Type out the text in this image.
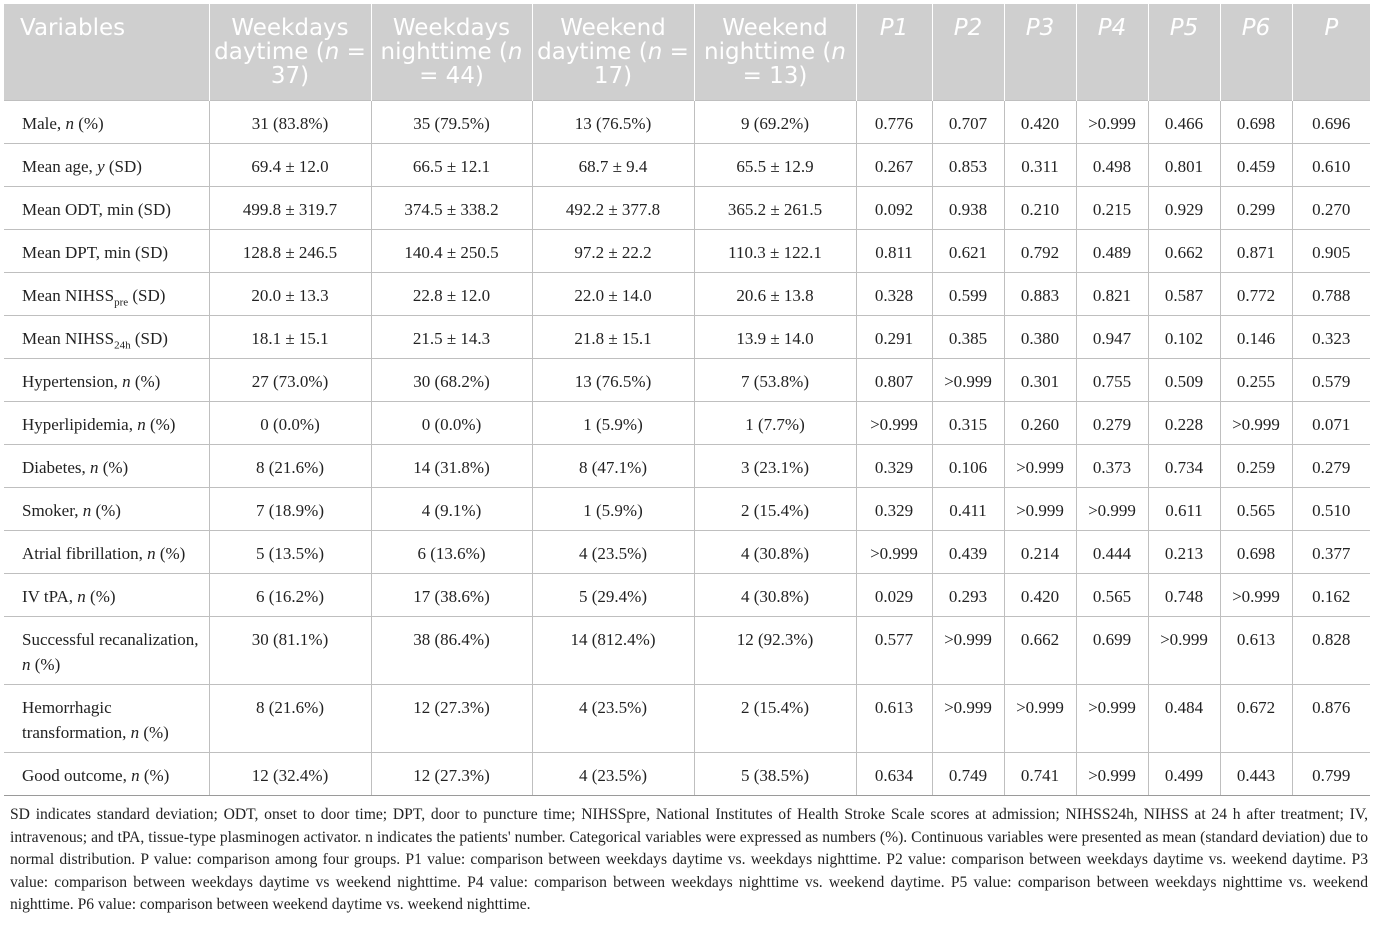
Variables	Weekdays daytime (n = 37)	Weekdays nighttime (n = 44)	Weekend daytime (n = 17)	Weekend nighttime (n = 13)	P1	P2	P3	P4	P5	P6	P
Male, n (%)	31 (83.8%)	35 (79.5%)	13 (76.5%)	9 (69.2%)	0.776	0.707	0.420	>0.999	0.466	0.698	0.696
Mean age, y (SD)	69.4 ± 12.0	66.5 ± 12.1	68.7 ± 9.4	65.5 ± 12.9	0.267	0.853	0.311	0.498	0.801	0.459	0.610
Mean ODT, min (SD)	499.8 ± 319.7	374.5 ± 338.2	492.2 ± 377.8	365.2 ± 261.5	0.092	0.938	0.210	0.215	0.929	0.299	0.270
Mean DPT, min (SD)	128.8 ± 246.5	140.4 ± 250.5	97.2 ± 22.2	110.3 ± 122.1	0.811	0.621	0.792	0.489	0.662	0.871	0.905
Mean $NIHSS_{pre}$ (SD)	20.0 ± 13.3	22.8 ± 12.0	22.0 ± 14.0	20.6 ± 13.8	0.328	0.599	0.883	0.821	0.587	0.772	0.788
Mean $NIHSS_{24h}$ (SD)	18.1 ± 15.1	21.5 ± 14.3	21.8 ± 15.1	13.9 ± 14.0	0.291	0.385	0.380	0.947	0.102	0.146	0.323
Hypertension, n (%)	27 (73.0%)	30 (68.2%)	13 (76.5%)	7 (53.8%)	0.807	>0.999	0.301	0.755	0.509	0.255	0.579
Hyperlipidemia, n (%)	0 (0.0%)	0 (0.0%)	1 (5.9%)	1 (7.7%)	>0.999	0.315	0.260	0.279	0.228	>0.999	0.071
Diabetes, n (%)	8 (21.6%)	14 (31.8%)	8 (47.1%)	3 (23.1%)	0.329	0.106	>0.999	0.373	0.734	0.259	0.279
Smoker, n (%)	7 (18.9%)	4 (9.1%)	1 (5.9%)	2 (15.4%)	0.329	0.411	>0.999	>0.999	0.611	0.565	0.510
Atrial fibrillation, n (%)	5 (13.5%)	6 (13.6%)	4 (23.5%)	4 (30.8%)	>0.999	0.439	0.214	0.444	0.213	0.698	0.377
IV tPA, n (%)	6 (16.2%)	17 (38.6%)	5 (29.4%)	4 (30.8%)	0.029	0.293	0.420	0.565	0.748	>0.999	0.162
Successful recanalization, n (%)	30 (81.1%)	38 (86.4%)	14 (812.4%)	12 (92.3%)	0.577	>0.999	0.662	0.699	>0.999	0.613	0.828
Hemorrhagic transformation, n (%)	8 (21.6%)	12 (27.3%)	4 (23.5%)	2 (15.4%)	0.613	>0.999	>0.999	>0.999	0.484	0.672	0.876
Good outcome, n (%)	12 (32.4%)	12 (27.3%)	4 (23.5%)	5 (38.5%)	0.634	0.749	0.741	>0.999	0.499	0.443	0.799
SD indicates standard deviation; ODT, onset to door time; DPT, door to puncture time; NIHSSpre, National Institutes of Health Stroke Scale scores at admission; NIHSS24h, NIHSS at 24 h after treatment; IV, intravenous; and tPA, tissue-type plasminogen activator. n indicates the patients' number. Categorical variables were expressed as numbers (%). Continuous variables were presented as mean (standard deviation) due to normal distribution. P value: comparison among four groups. P1 value: comparison between weekdays daytime vs. weekdays nighttime. P2 value: comparison between weekdays daytime vs. weekend daytime. P3 value: comparison between weekdays daytime vs weekend nighttime. P4 value: comparison between weekdays nighttime vs. weekend daytime. P5 value: comparison between weekdays nighttime vs. weekend nighttime. P6 value: comparison between weekend daytime vs. weekend nighttime.
